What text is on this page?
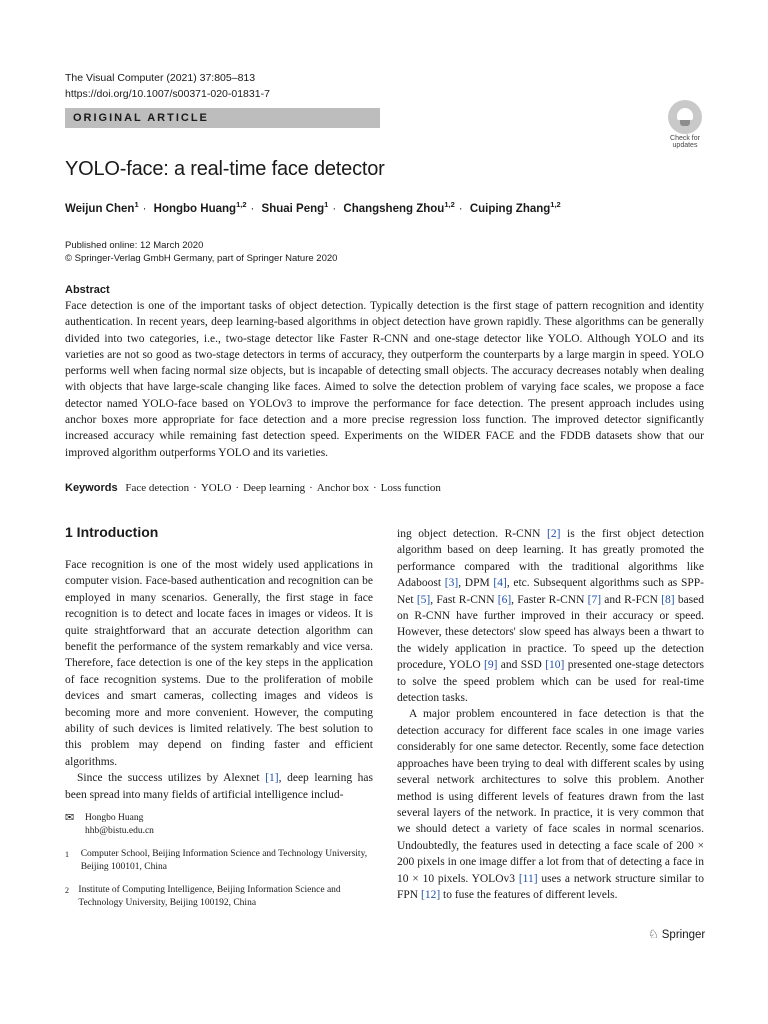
The Visual Computer (2021) 37:805–813
https://doi.org/10.1007/s00371-020-01831-7
ORIGINAL ARTICLE
Check for updates
YOLO-face: a real-time face detector
Weijun Chen$^1$ · Hongbo Huang$^{1,2}$ · Shuai Peng$^1$ · Changsheng Zhou$^{1,2}$ · Cuiping Zhang$^{1,2}$
Published online: 12 March 2020
© Springer-Verlag GmbH Germany, part of Springer Nature 2020
Abstract

Face detection is one of the important tasks of object detection. Typically detection is the first stage of pattern recognition and identity authentication. In recent years, deep learning-based algorithms in object detection have grown rapidly. These algorithms can be generally divided into two categories, i.e., two-stage detector like Faster R-CNN and one-stage detector like YOLO. Although YOLO and its varieties are not so good as two-stage detectors in terms of accuracy, they outperform the counterparts by a large margin in speed. YOLO performs well when facing normal size objects, but is incapable of detecting small objects. The accuracy decreases notably when dealing with objects that have large-scale changing like faces. Aimed to solve the detection problem of varying face scales, we propose a face detector named YOLO-face based on YOLOv3 to improve the performance for face detection. The present approach includes using anchor boxes more appropriate for face detection and a more precise regression loss function. The improved detector significantly increased accuracy while remaining fast detection speed. Experiments on the WIDER FACE and the FDDB datasets show that our improved algorithm outperforms YOLO and its varieties.

Keywords Face detection · YOLO · Deep learning · Anchor box · Loss function
1 Introduction

Face recognition is one of the most widely used applications in computer vision. Face-based authentication and recognition can be employed in many scenarios. Generally, the first stage in face recognition is to detect and locate faces in images or videos. It is quite straightforward that an accurate detection algorithm can benefit the performance of the system remarkably and vice versa. Therefore, face detection is one of the key steps in the application of face recognition systems. Due to the proliferation of mobile devices and smart cameras, collecting images and videos is becoming more and more convenient. However, the computing ability of such devices is limited relatively. The best solution to this problem may depend on finding faster and efficient algorithms.

Since the success utilizes by Alexnet [1], deep learning has been spread into many fields of artificial intelligence includ-

ing object detection. R-CNN [2] is the first object detection algorithm based on deep learning. It has greatly promoted the performance compared with the traditional algorithms like Adaboost [3], DPM [4], etc. Subsequent algorithms such as SPP-Net [5], Fast R-CNN [6], Faster R-CNN [7] and R-FCN [8] based on R-CNN have further improved in their accuracy or speed. However, these detectors' slow speed has always been a thwart to the widely application in practice. To speed up the detection procedure, YOLO [9] and SSD [10] presented one-stage detectors to solve the speed problem which can be used for real-time detection tasks.

A major problem encountered in face detection is that the detection accuracy for different face scales in one image varies considerably for one same detector. Recently, some face detection approaches have been trying to deal with different scales by using several network architectures to solve this problem. Another method is using different levels of features drawn from the last several layers of the network. In practice, it is very common that we should detect a variety of face scales in normal scenarios. Undoubtedly, the features used in detecting a face scale of 200 × 200 pixels in one image differ a lot from that of detecting a face in 10 × 10 pixels. YOLOv3 [11] uses a network structure similar to FPN [12] to fuse the features of different levels.

✉	Hongbo Huang
hhb@bistu.edu.cn
1	Computer School, Beijing Information Science and Technology University, Beijing 100101, China
2 Institute of Computing Intelligence, Beijing Information Science and Technology University, Beijing 100192, China
♘ Springer
